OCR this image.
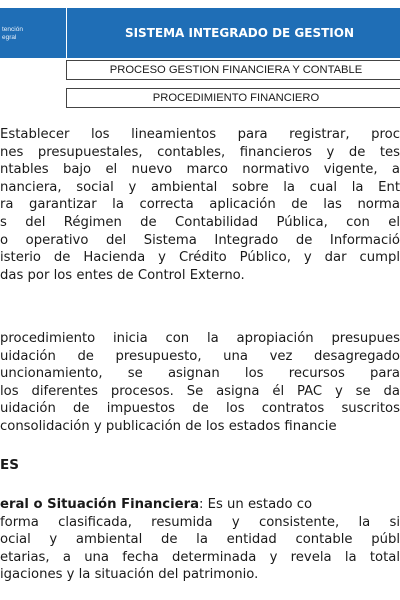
tención
egral	SISTEMA INTEGRADO DE GESTION
PROCESO GESTION FINANCIERA Y CONTABLE
PROCEDIMIENTO FINANCIERO
Establecer los lineamientos para registrar, proc
nes presupuestales, contables, financieros y de tes
ntables bajo el nuevo marco normativo vigente, a
nanciera, social y ambiental sobre la cual la Ent
ra garantizar la correcta aplicación de las norma
s del Régimen de Contabilidad Pública, con el
o operativo del Sistema Integrado de Informació
isterio de Hacienda y Crédito Público, y dar cumpl
das por los entes de Control Externo.
procedimiento inicia con la apropiación presupues
uidación de presupuesto, una vez desagregado
uncionamiento, se asignan los recursos para
los diferentes procesos. Se asigna él PAC y se da
uidación de impuestos de los contratos suscritos
consolidación y publicación de los estados financie
ES
eral o Situación Financiera: Es un estado co
forma clasificada, resumida y consistente, la si
ocial y ambiental de la entidad contable públ
etarias, a una fecha determinada y revela la total
igaciones y la situación del patrimonio.
